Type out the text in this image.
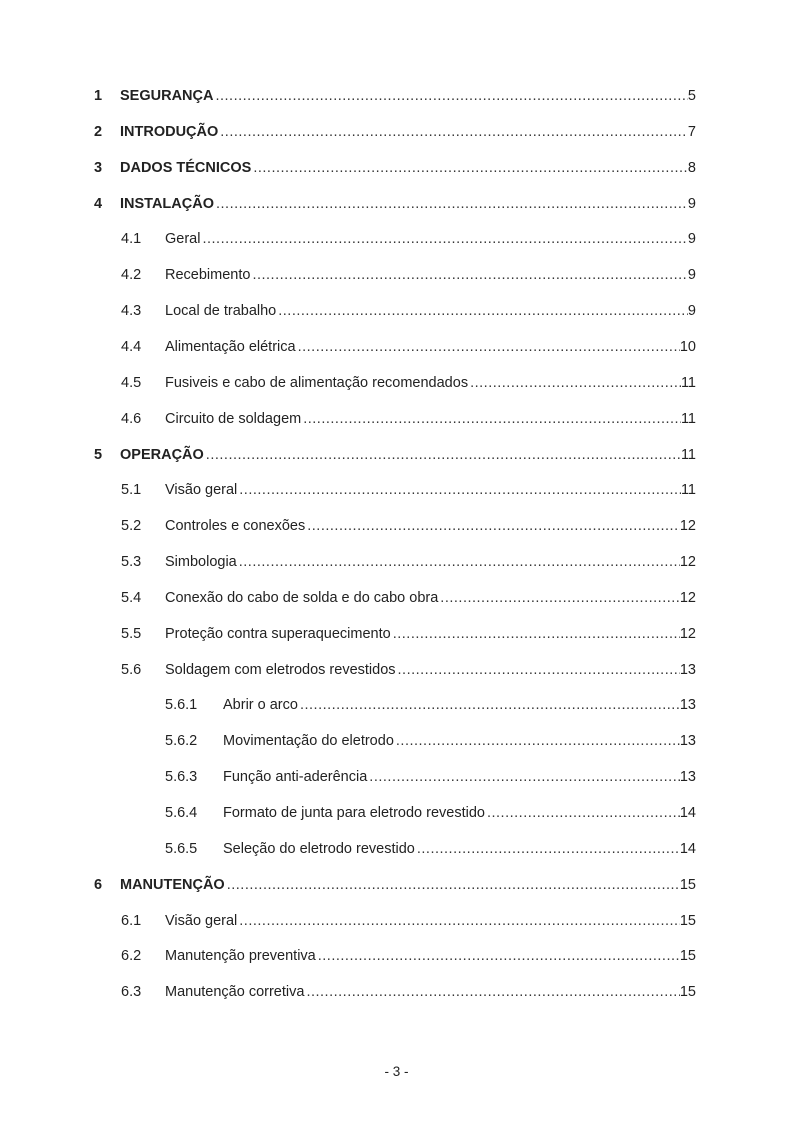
1	SEGURANÇA .....	5
2	INTRODUÇÃO .....	7
3	DADOS TÉCNICOS .....	8
4	INSTALAÇÃO .....	9
4.1	Geral .....	9
4.2	Recebimento .....	9
4.3	Local de trabalho .....	9
4.4	Alimentação elétrica .....	10
4.5	Fusiveis e cabo de alimentação recomendados .....	11
4.6	Circuito de soldagem .....	11
5	OPERAÇÃO .....	11
5.1	Visão geral .....	11
5.2	Controles e conexões .....	12
5.3	Simbologia .....	12
5.4	Conexão do cabo de solda e do cabo obra .....	12
5.5	Proteção contra superaquecimento .....	12
5.6	Soldagem com eletrodos revestidos .....	13
5.6.1	Abrir o arco .....	13
5.6.2	Movimentação do eletrodo .....	13
5.6.3	Função anti-aderência .....	13
5.6.4	Formato de junta para eletrodo revestido .....	14
5.6.5	Seleção do eletrodo revestido .....	14
6	MANUTENÇÃO .....	15
6.1	Visão geral .....	15
6.2	Manutenção preventiva .....	15
6.3	Manutenção corretiva .....	15
- 3 -
